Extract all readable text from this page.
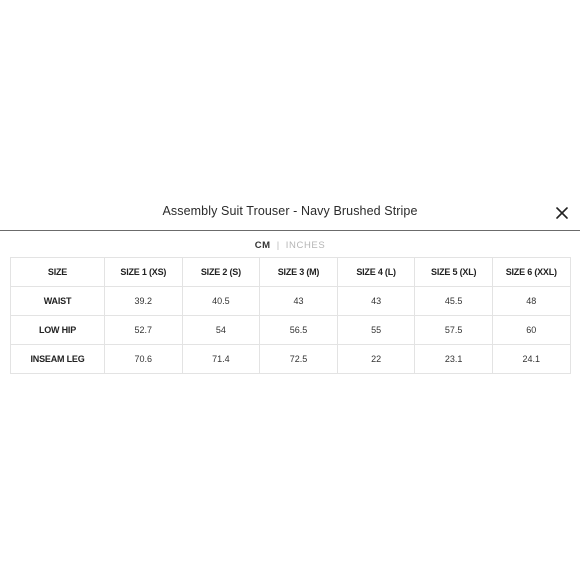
Assembly Suit Trouser - Navy Brushed Stripe
CM | INCHES
SIZE	SIZE 1 (XS)	SIZE 2 (S)	SIZE 3 (M)	SIZE 4 (L)	SIZE 5 (XL)	SIZE 6 (XXL)
WAIST	39.2	40.5	43	43	45.5	48
LOW HIP	52.7	54	56.5	55	57.5	60
INSEAM LEG	70.6	71.4	72.5	22	23.1	24.1
